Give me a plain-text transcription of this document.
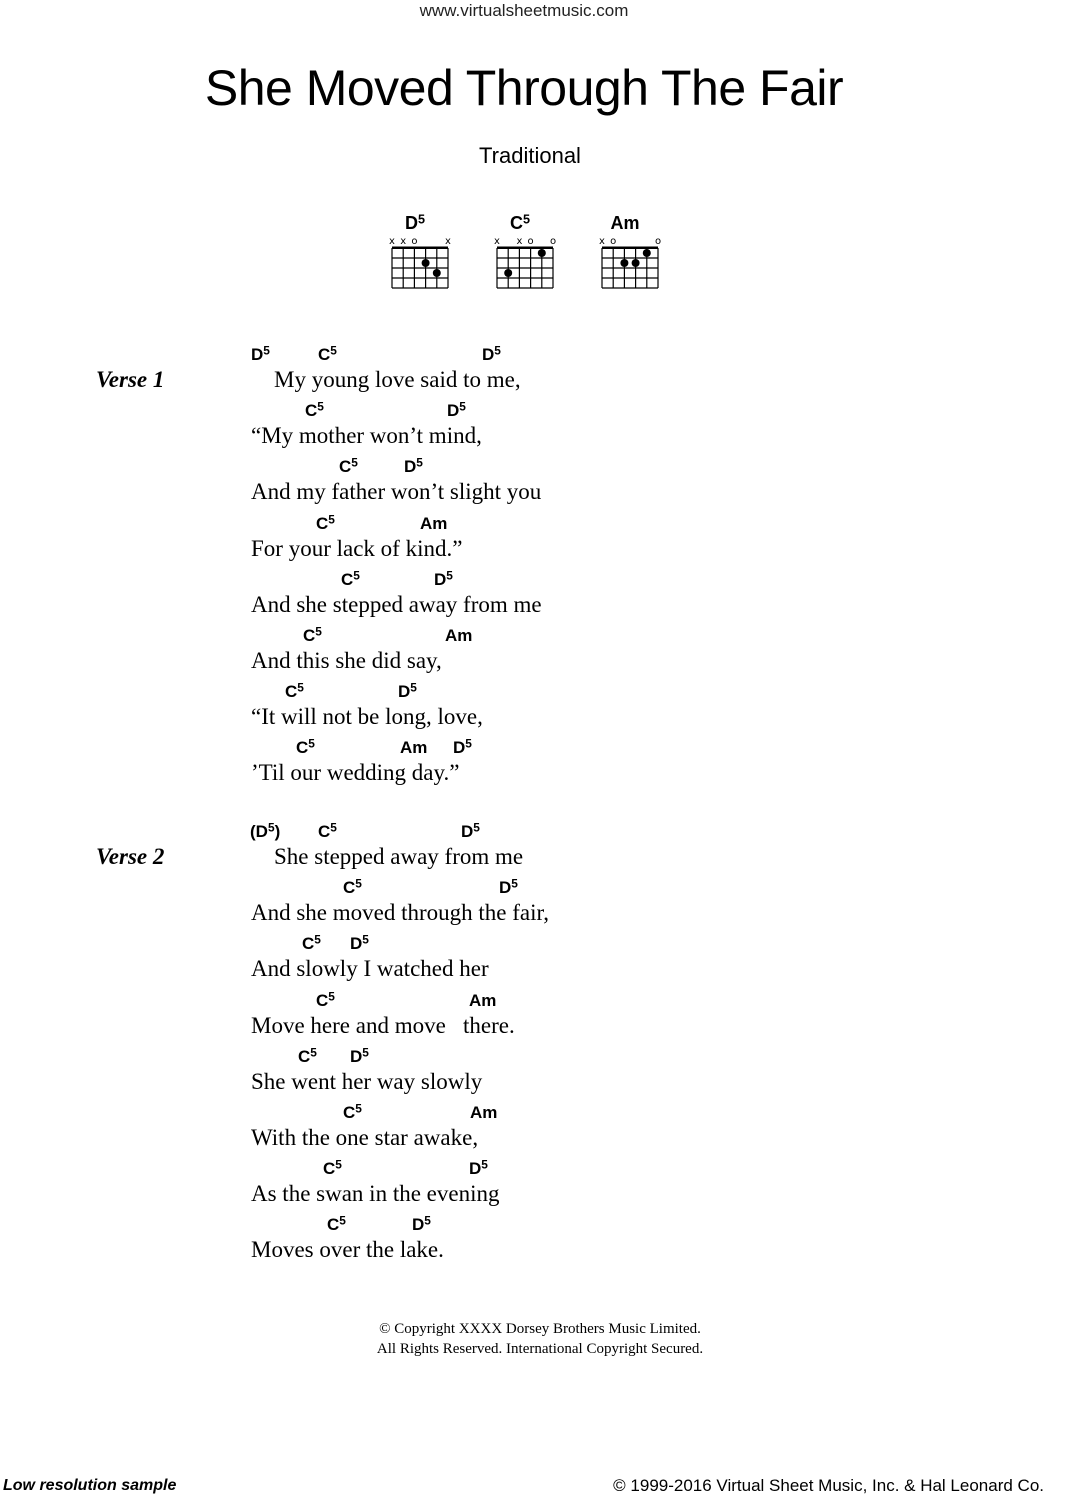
www.virtualsheetmusic.com
She Moved Through The Fair
Traditional
$D^5$
x x o	x
$C^5$
x x o o
Am
x o	o
Verse 1	My young love said to me,
$D^5$	$C^5$	$D^5$
“My mother won’t mind,
$C^5$	$D^5$
And my father won’t slight you
$C^5$	$D^5$
For your lack of kind.”
$C^5$	Am
And she stepped away from me
$C^5$	$D^5$
And this she did say,
$C^5$	Am
“It will not be long, love,
$C^5$	$D^5$
’Til our wedding day.”
$C^5$	Am $D^5$
Verse 2	She stepped away from me
$(D^5)$ $C^5$	$D^5$
And she moved through the fair,
$C^5$	$D^5$
And slowly I watched her
$C^5$ $D^5$
Move here and move   there.
$C^5$	Am
She went her way slowly
$C^5$ $D^5$
With the one star awake,
$C^5$	Am
As the swan in the evening
$C^5$	$D^5$
Moves over the lake.
$C^5$	$D^5$
© Copyright XXXX Dorsey Brothers Music Limited.
All Rights Reserved. International Copyright Secured.
Low resolution sample	© 1999-2016 Virtual Sheet Music, Inc. & Hal Leonard Co.
